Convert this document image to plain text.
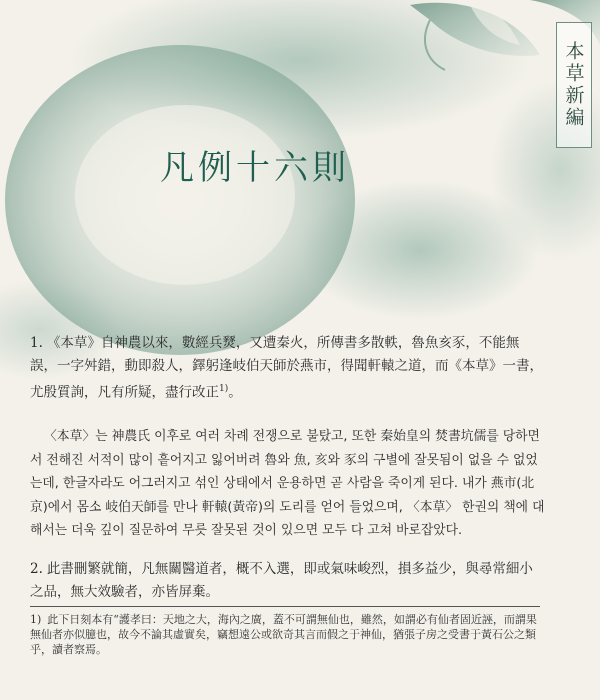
本草新編
凡例十六則
1. 《本草》自神農以來，數經兵燹，又遭秦火，所傳書多散軼，魯魚亥豕，不能無誤，一字舛錯，動即殺人，鐸躬逢岐伯天師於燕市，得聞軒轅之道，而《本草》一書，尤殷質詢，凡有所疑，盡行改正$^{1)}$。
〈本草〉는 神農氏 이후로 여러 차례 전쟁으로 불탔고, 또한 秦始皇의 焚書坑儒를 당하면서 전해진 서적이 많이 흩어지고 잃어버려 魯와 魚, 亥와 豕의 구별에 잘못됨이 없을 수 없었는데, 한글자라도 어그러지고 섞인 상태에서 운용하면 곧 사람을 죽이게 된다. 내가 燕市(北京)에서 몸소 岐伯天師를 만나 軒轅(黃帝)의 도리를 얻어 들었으며, 〈本草〉 한권의 책에 대해서는 더욱 깊이 질문하여 무릇 잘못된 것이 있으면 모두 다 고쳐 바로잡았다.
2. 此書刪繁就簡，凡無關醫道者，概不入選，即或氣味峻烈，損多益少，與尋常細小之品，無大效驗者，亦皆屏棄。
1) 此下日刻本有“護孝曰：天地之大，海內之廣，蓋不可謂無仙也，雖然，如謂必有仙者固近誣，而謂果無仙者亦似臆也，故今不論其虛實矣，竊想遠公或欲奇其言而假之于神仙，猶張子房之受書于黃石公之類乎，讀者察焉。
